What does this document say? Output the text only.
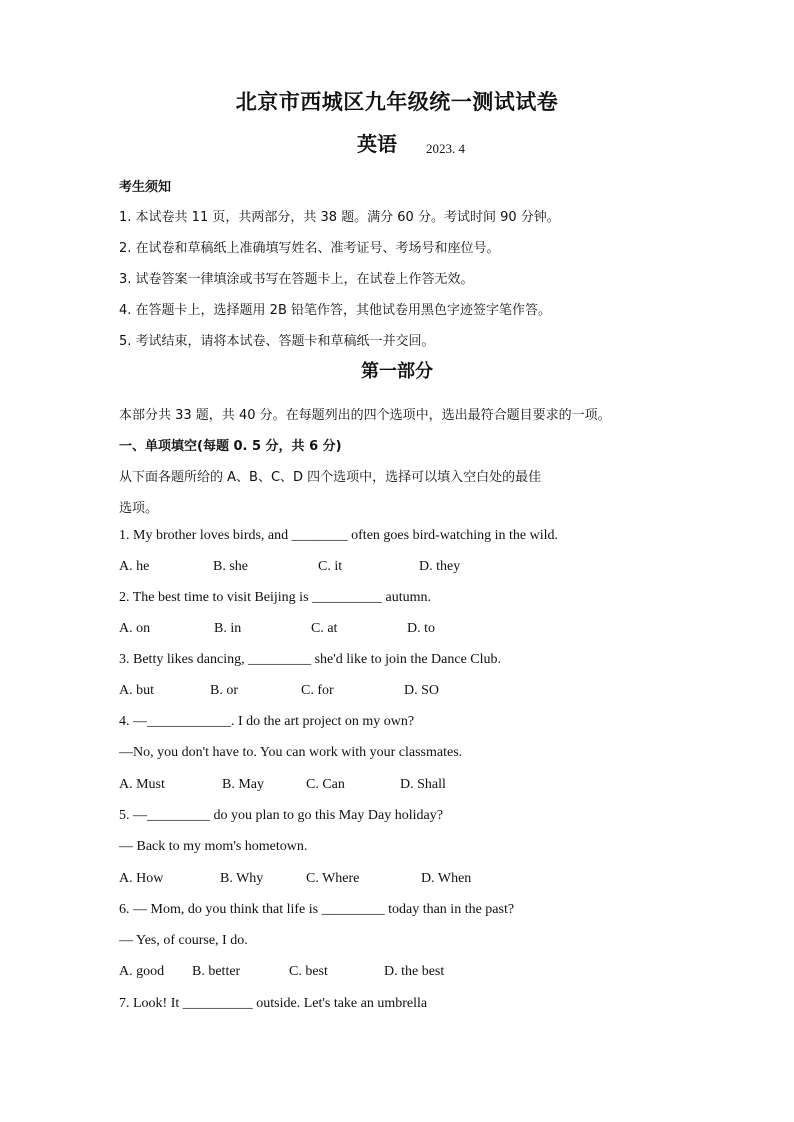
北京市西城区九年级统一测试试卷
英语 2023. 4
考生须知
1. 本试卷共 11 页，共两部分，共 38 题。满分 60 分。考试时间 90 分钟。
2. 在试卷和草稿纸上准确填写姓名、准考证号、考场号和座位号。
3. 试卷答案一律填涂或书写在答题卡上，在试卷上作答无效。
4. 在答题卡上，选择题用 2B 铅笔作答，其他试卷用黑色字迹签字笔作答。
5. 考试结束，请将本试卷、答题卡和草稿纸一并交回。
第一部分
本部分共 33 题，共 40 分。在每题列出的四个选项中，选出最符合题目要求的一项。
一、单项填空(每题 0. 5 分，共 6 分)
从下面各题所给的 A、B、C、D 四个选项中，选择可以填入空白处的最佳
选项。
1. My brother loves birds, and ________ often goes bird-watching in the wild.
A. he	B. she	C. it	D. they
2. The best time to visit Beijing is __________ autumn.
A. on	B. in	C. at	D. to
3. Betty likes dancing, _________ she'd like to join the Dance Club.
A. but	B. or	C. for	D. SO
4. —____________. I do the art project on my own?
—No, you don't have to. You can work with your classmates.
A. Must	B. May	C. Can	D. Shall
5. —_________ do you plan to go this May Day holiday?
— Back to my mom's hometown.
A. How	B. Why	C. Where	D. When
6. — Mom, do you think that life is _________ today than in the past?
— Yes, of course, I do.
A. good B. better	C. best	D. the best
7. Look! It __________ outside. Let's take an umbrella
